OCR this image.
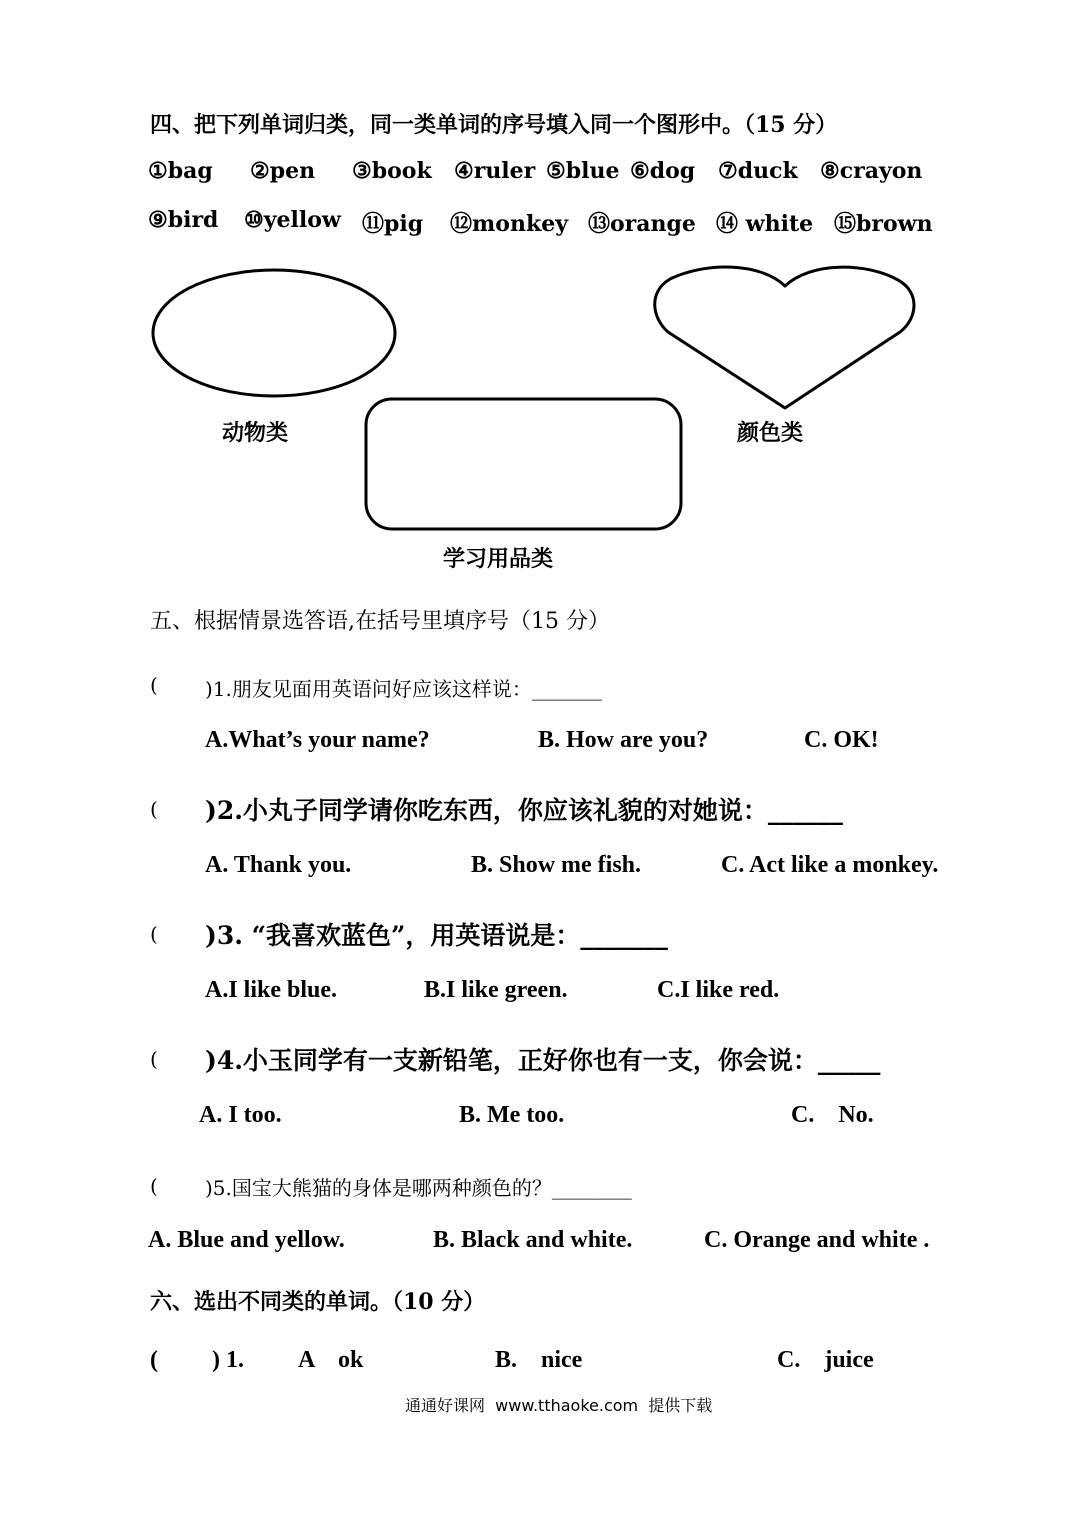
四、把下列单词归类，同一类单词的序号填入同一个图形中。（15 分）
①bag ②pen ③book ④ruler ⑤blue ⑥dog ⑦duck ⑧crayon
⑨bird ⑩yellow ⑪pig ⑫monkey ⑬orange ⑭ white ⑮brown
动物类	颜色类
学习用品类
五、根据情景选答语,在括号里填序号（15 分）
( )1.朋友见面用英语问好应该这样说：_______
A.What’s your name?	B. How are you?	C. OK!
( )2.小丸子同学请你吃东西，你应该礼貌的对她说：______
A. Thank you.	B. Show me fish.	C. Act like a monkey.
( )3. “我喜欢蓝色”，用英语说是：_______
A.I like blue.	B.I like green.	C.I like red.
( )4.小玉同学有一支新铅笔，正好你也有一支，你会说：_____
A. I too.	B. Me too.	C.    No.
( )5.国宝大熊猫的身体是哪两种颜色的？________
A. Blue and yellow.	B. Black and white.	C. Orange and white .
六、选出不同类的单词。（10 分）
(         ) 1. A    ok	B.    nice	C.    juice
通通好课网  www.tthaoke.com  提供下载
